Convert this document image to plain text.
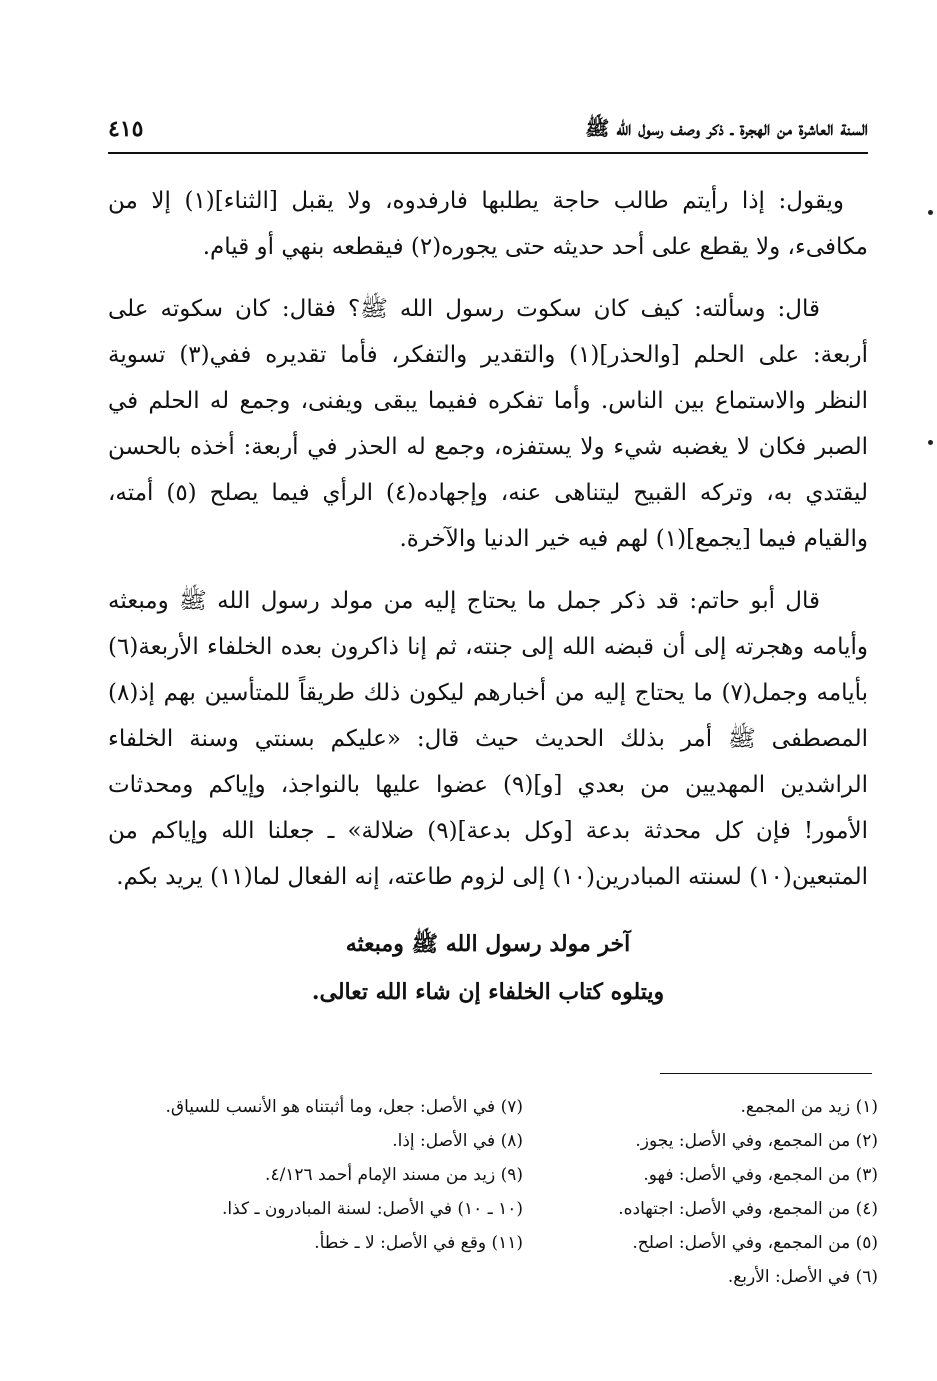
السنة العاشرة من الهجرة ـ ذكر وصف رسول الله ﷺ
٤١٥

ويقول: إذا رأيتم طالب حاجة يطلبها فارفدوه، ولا يقبل [الثناء](١) إلا من مكافىء، ولا يقطع على أحد حديثه حتى يجوره(٢) فيقطعه بنهي أو قيام.

قال: وسألته: كيف كان سكوت رسول الله ﷺ؟ فقال: كان سكوته على أربعة: على الحلم [والحذر](١) والتقدير والتفكر، فأما تقديره ففي(٣) تسوية النظر والاستماع بين الناس. وأما تفكره ففيما يبقى ويفنى، وجمع له الحلم في الصبر فكان لا يغضبه شيء ولا يستفزه، وجمع له الحذر في أربعة: أخذه بالحسن ليقتدي به، وتركه القبيح ليتناهى عنه، وإجهاده(٤) الرأي فيما يصلح (٥) أمته، والقيام فيما [يجمع](١) لهم فيه خير الدنيا والآخرة.

قال أبو حاتم: قد ذكر جمل ما يحتاج إليه من مولد رسول الله ﷺ ومبعثه وأيامه وهجرته إلى أن قبضه الله إلى جنته، ثم إنا ذاكرون بعده الخلفاء الأربعة(٦) بأيامه وجمل(٧) ما يحتاج إليه من أخبارهم ليكون ذلك طريقاً للمتأسين بهم إذ(٨) المصطفى ﷺ أمر بذلك الحديث حيث قال: «عليكم بسنتي وسنة الخلفاء الراشدين المهديين من بعدي [و](٩) عضوا عليها بالنواجذ، وإياكم ومحدثات الأمور! فإن كل محدثة بدعة [وكل بدعة](٩) ضلالة» ـ جعلنا الله وإياكم من المتبعين(١٠) لسنته المبادرين(١٠) إلى لزوم طاعته، إنه الفعال لما(١١) يريد بكم.

آخر مولد رسول الله ﷺ ومبعثه
ويتلوه كتاب الخلفاء إن شاء الله تعالى.
(١) زيد من المجمع.
(٢) من المجمع، وفي الأصل: يجوز.
(٣) من المجمع، وفي الأصل: فهو.
(٤) من المجمع، وفي الأصل: اجتهاده.
(٥) من المجمع، وفي الأصل: اصلح.
(٦) في الأصل: الأربع.
(٧) في الأصل: جعل، وما أثبتناه هو الأنسب للسياق.
(٨) في الأصل: إذا.
(٩) زيد من مسند الإمام أحمد ٤/١٢٦.
(١٠ ـ ١٠) في الأصل: لسنة المبادرون ـ كذا.
(١١) وقع في الأصل: لا ـ خطأ.
